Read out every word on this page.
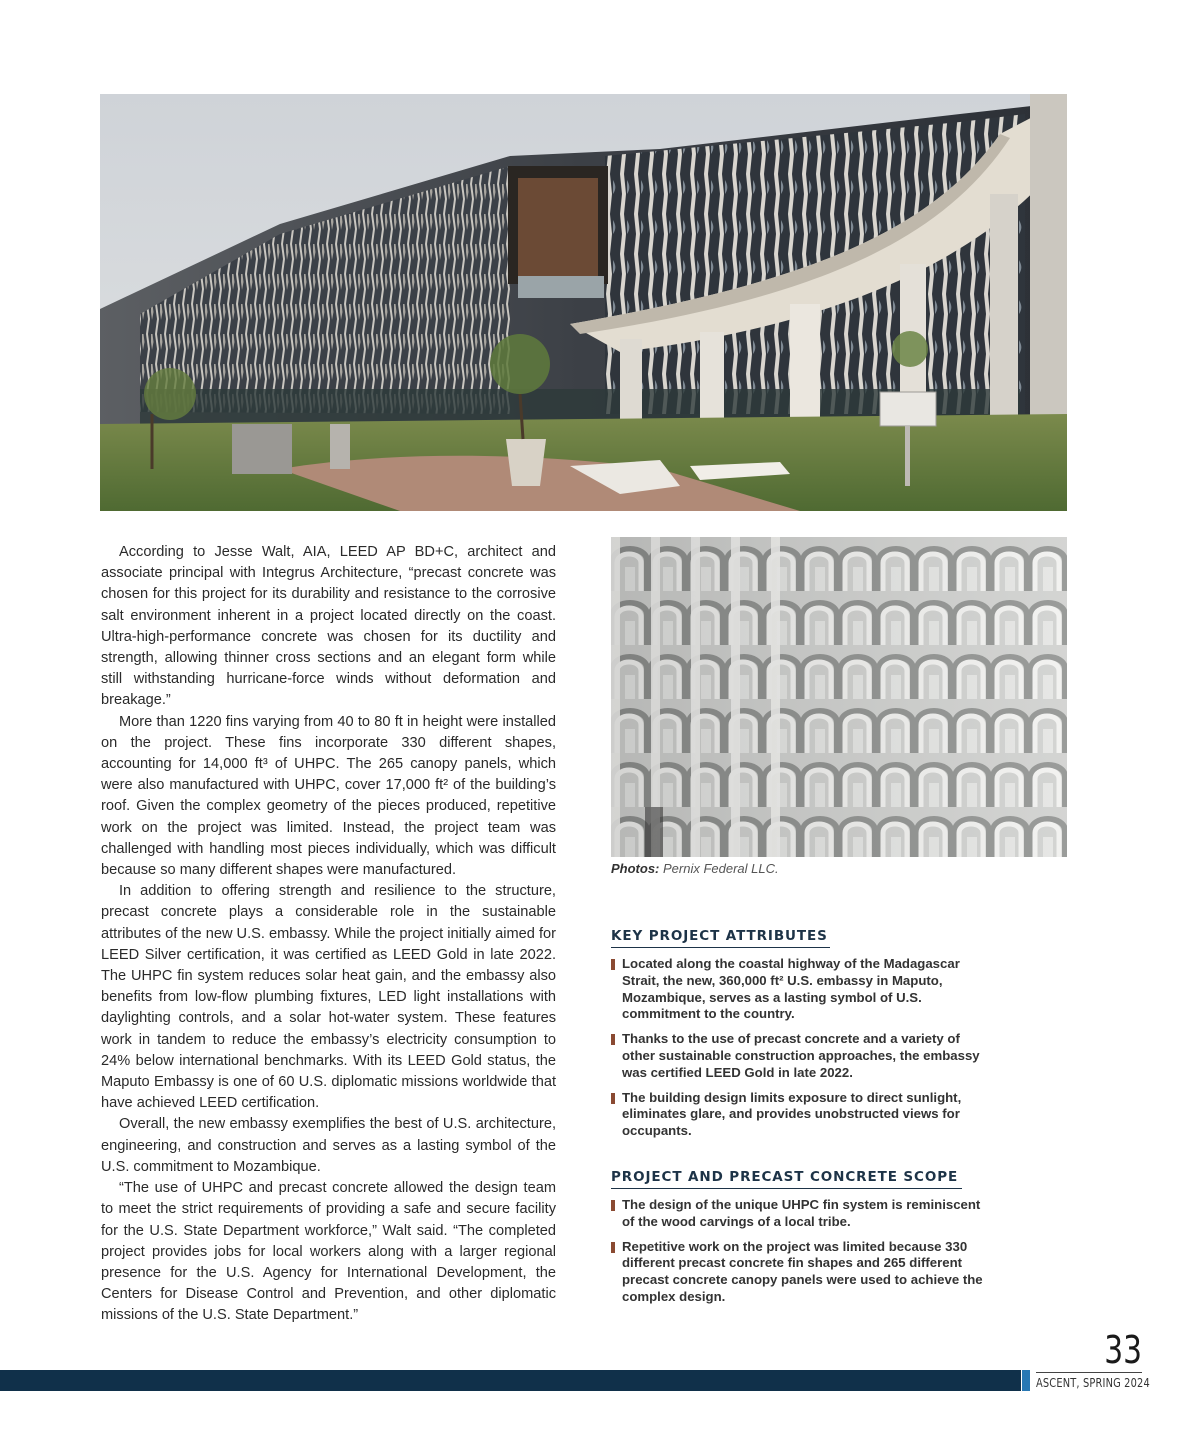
Photos: Pernix Federal LLC.

According to Jesse Walt, AIA, LEED AP BD+C, architect and associate principal with Integrus Architecture, “precast concrete was chosen for this project for its durability and resistance to the corrosive salt environment inherent in a project located directly on the coast. Ultra-high-performance concrete was chosen for its ductility and strength, allowing thinner cross sections and an elegant form while still withstanding hurricane-force winds without deformation and breakage.”

More than 1220 fins varying from 40 to 80 ft in height were installed on the project. These fins incorporate 330 different shapes, accounting for 14,000 ft³ of UHPC. The 265 canopy panels, which were also manufactured with UHPC, cover 17,000 ft² of the building’s roof. Given the complex geometry of the pieces produced, repetitive work on the project was limited. Instead, the project team was challenged with handling most pieces individually, which was difficult because so many different shapes were manufactured.

In addition to offering strength and resilience to the structure, precast concrete plays a considerable role in the sustainable attributes of the new U.S. embassy. While the project initially aimed for LEED Silver certification, it was certified as LEED Gold in late 2022. The UHPC fin system reduces solar heat gain, and the embassy also benefits from low-flow plumbing fixtures, LED light installations with daylighting controls, and a solar hot-water system. These features work in tandem to reduce the embassy’s electricity consumption to 24% below international benchmarks. With its LEED Gold status, the Maputo Embassy is one of 60 U.S. diplomatic missions worldwide that have achieved LEED certification.

Overall, the new embassy exemplifies the best of U.S. architecture, engineering, and construction and serves as a lasting symbol of the U.S. commitment to Mozambique.

“The use of UHPC and precast concrete allowed the design team to meet the strict requirements of providing a safe and secure facility for the U.S. State Department workforce,” Walt said. “The completed project provides jobs for local workers along with a larger regional presence for the U.S. Agency for International Development, the Centers for Disease Control and Prevention, and other diplomatic missions of the U.S. State Department.”

KEY PROJECT ATTRIBUTES
Located along the coastal highway of the Madagascar Strait, the new, 360,000 ft² U.S. embassy in Maputo, Mozambique, serves as a lasting symbol of U.S. commitment to the country.
Thanks to the use of precast concrete and a variety of other sustainable construction approaches, the embassy was certified LEED Gold in late 2022.
The building design limits exposure to direct sunlight, eliminates glare, and provides unobstructed views for occupants.
PROJECT AND PRECAST CONCRETE SCOPE
The design of the unique UHPC fin system is reminiscent of the wood carvings of a local tribe.
Repetitive work on the project was limited because 330 different precast concrete fin shapes and 265 different precast concrete canopy panels were used to achieve the complex design.
33
ASCENT, SPRING 2024
